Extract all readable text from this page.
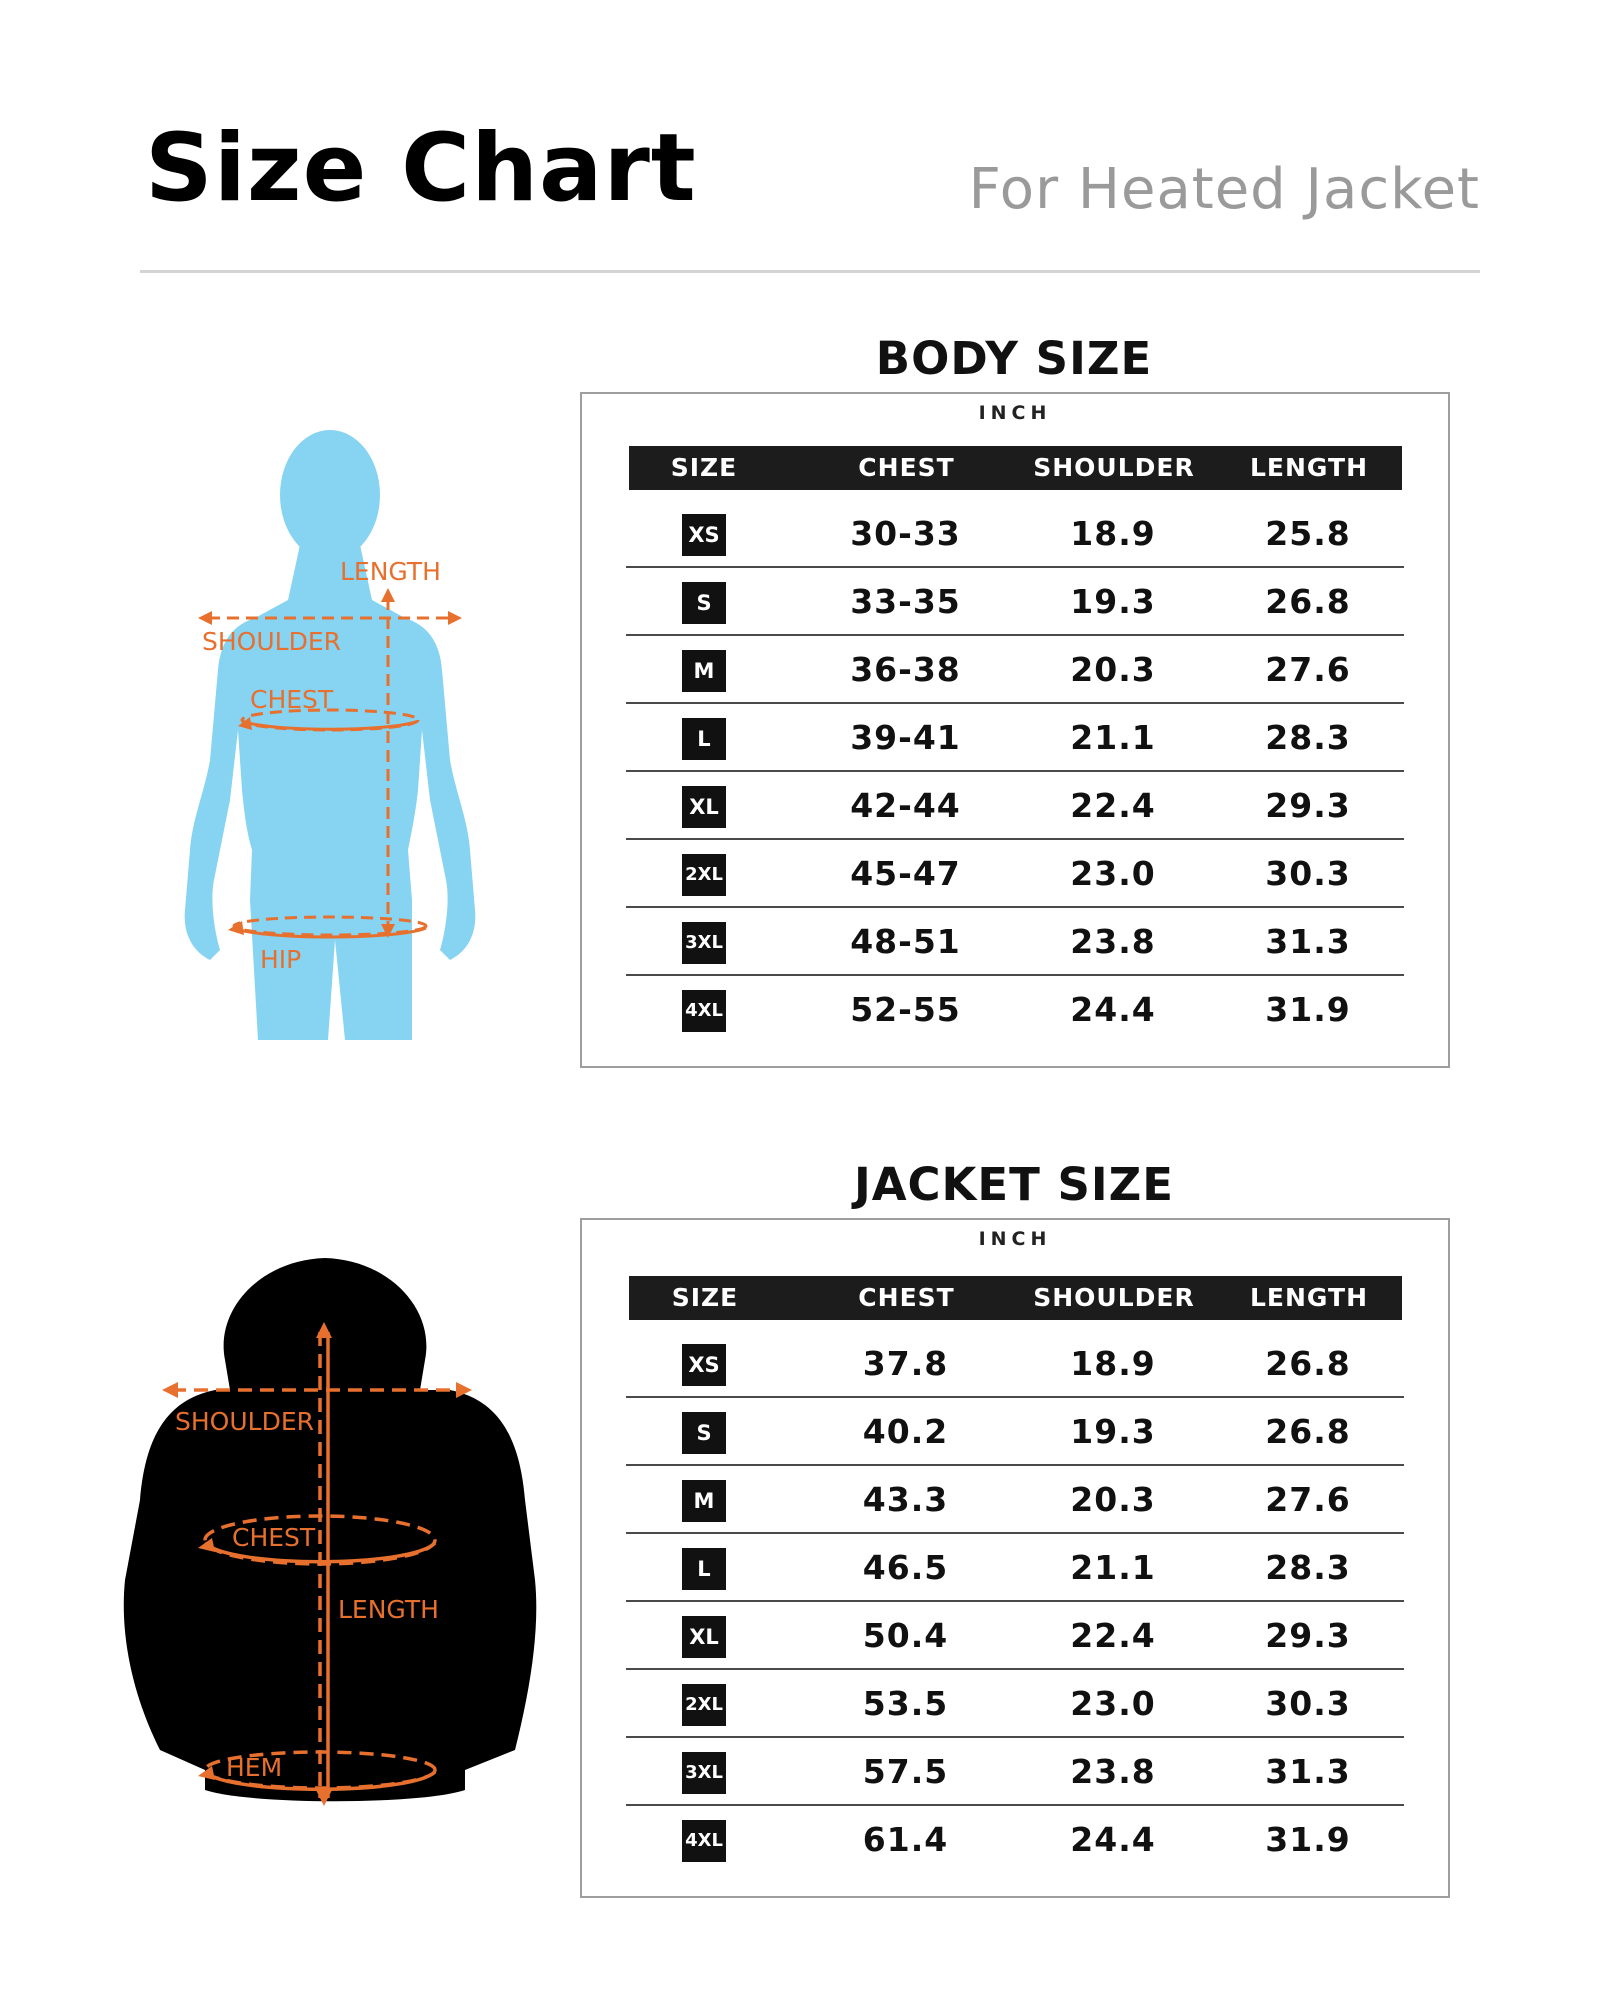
Size Chart	For Heated Jacket
LENGTH
SHOULDER
CHEST
HIP
BODY SIZE
INCH
SIZE	CHEST	SHOULDER	LENGTH
XS	30-33	18.9	25.8
S	33-35	19.3	26.8
M	36-38	20.3	27.6
L	39-41	21.1	28.3
XL	42-44	22.4	29.3
2XL	45-47	23.0	30.3
3XL	48-51	23.8	31.3
4XL	52-55	24.4	31.9
SHOULDER
CHEST
LENGTH
HEM
JACKET SIZE
INCH
SIZE	CHEST	SHOULDER	LENGTH
XS	37.8	18.9	26.8
S	40.2	19.3	26.8
M	43.3	20.3	27.6
L	46.5	21.1	28.3
XL	50.4	22.4	29.3
2XL	53.5	23.0	30.3
3XL	57.5	23.8	31.3
4XL	61.4	24.4	31.9
